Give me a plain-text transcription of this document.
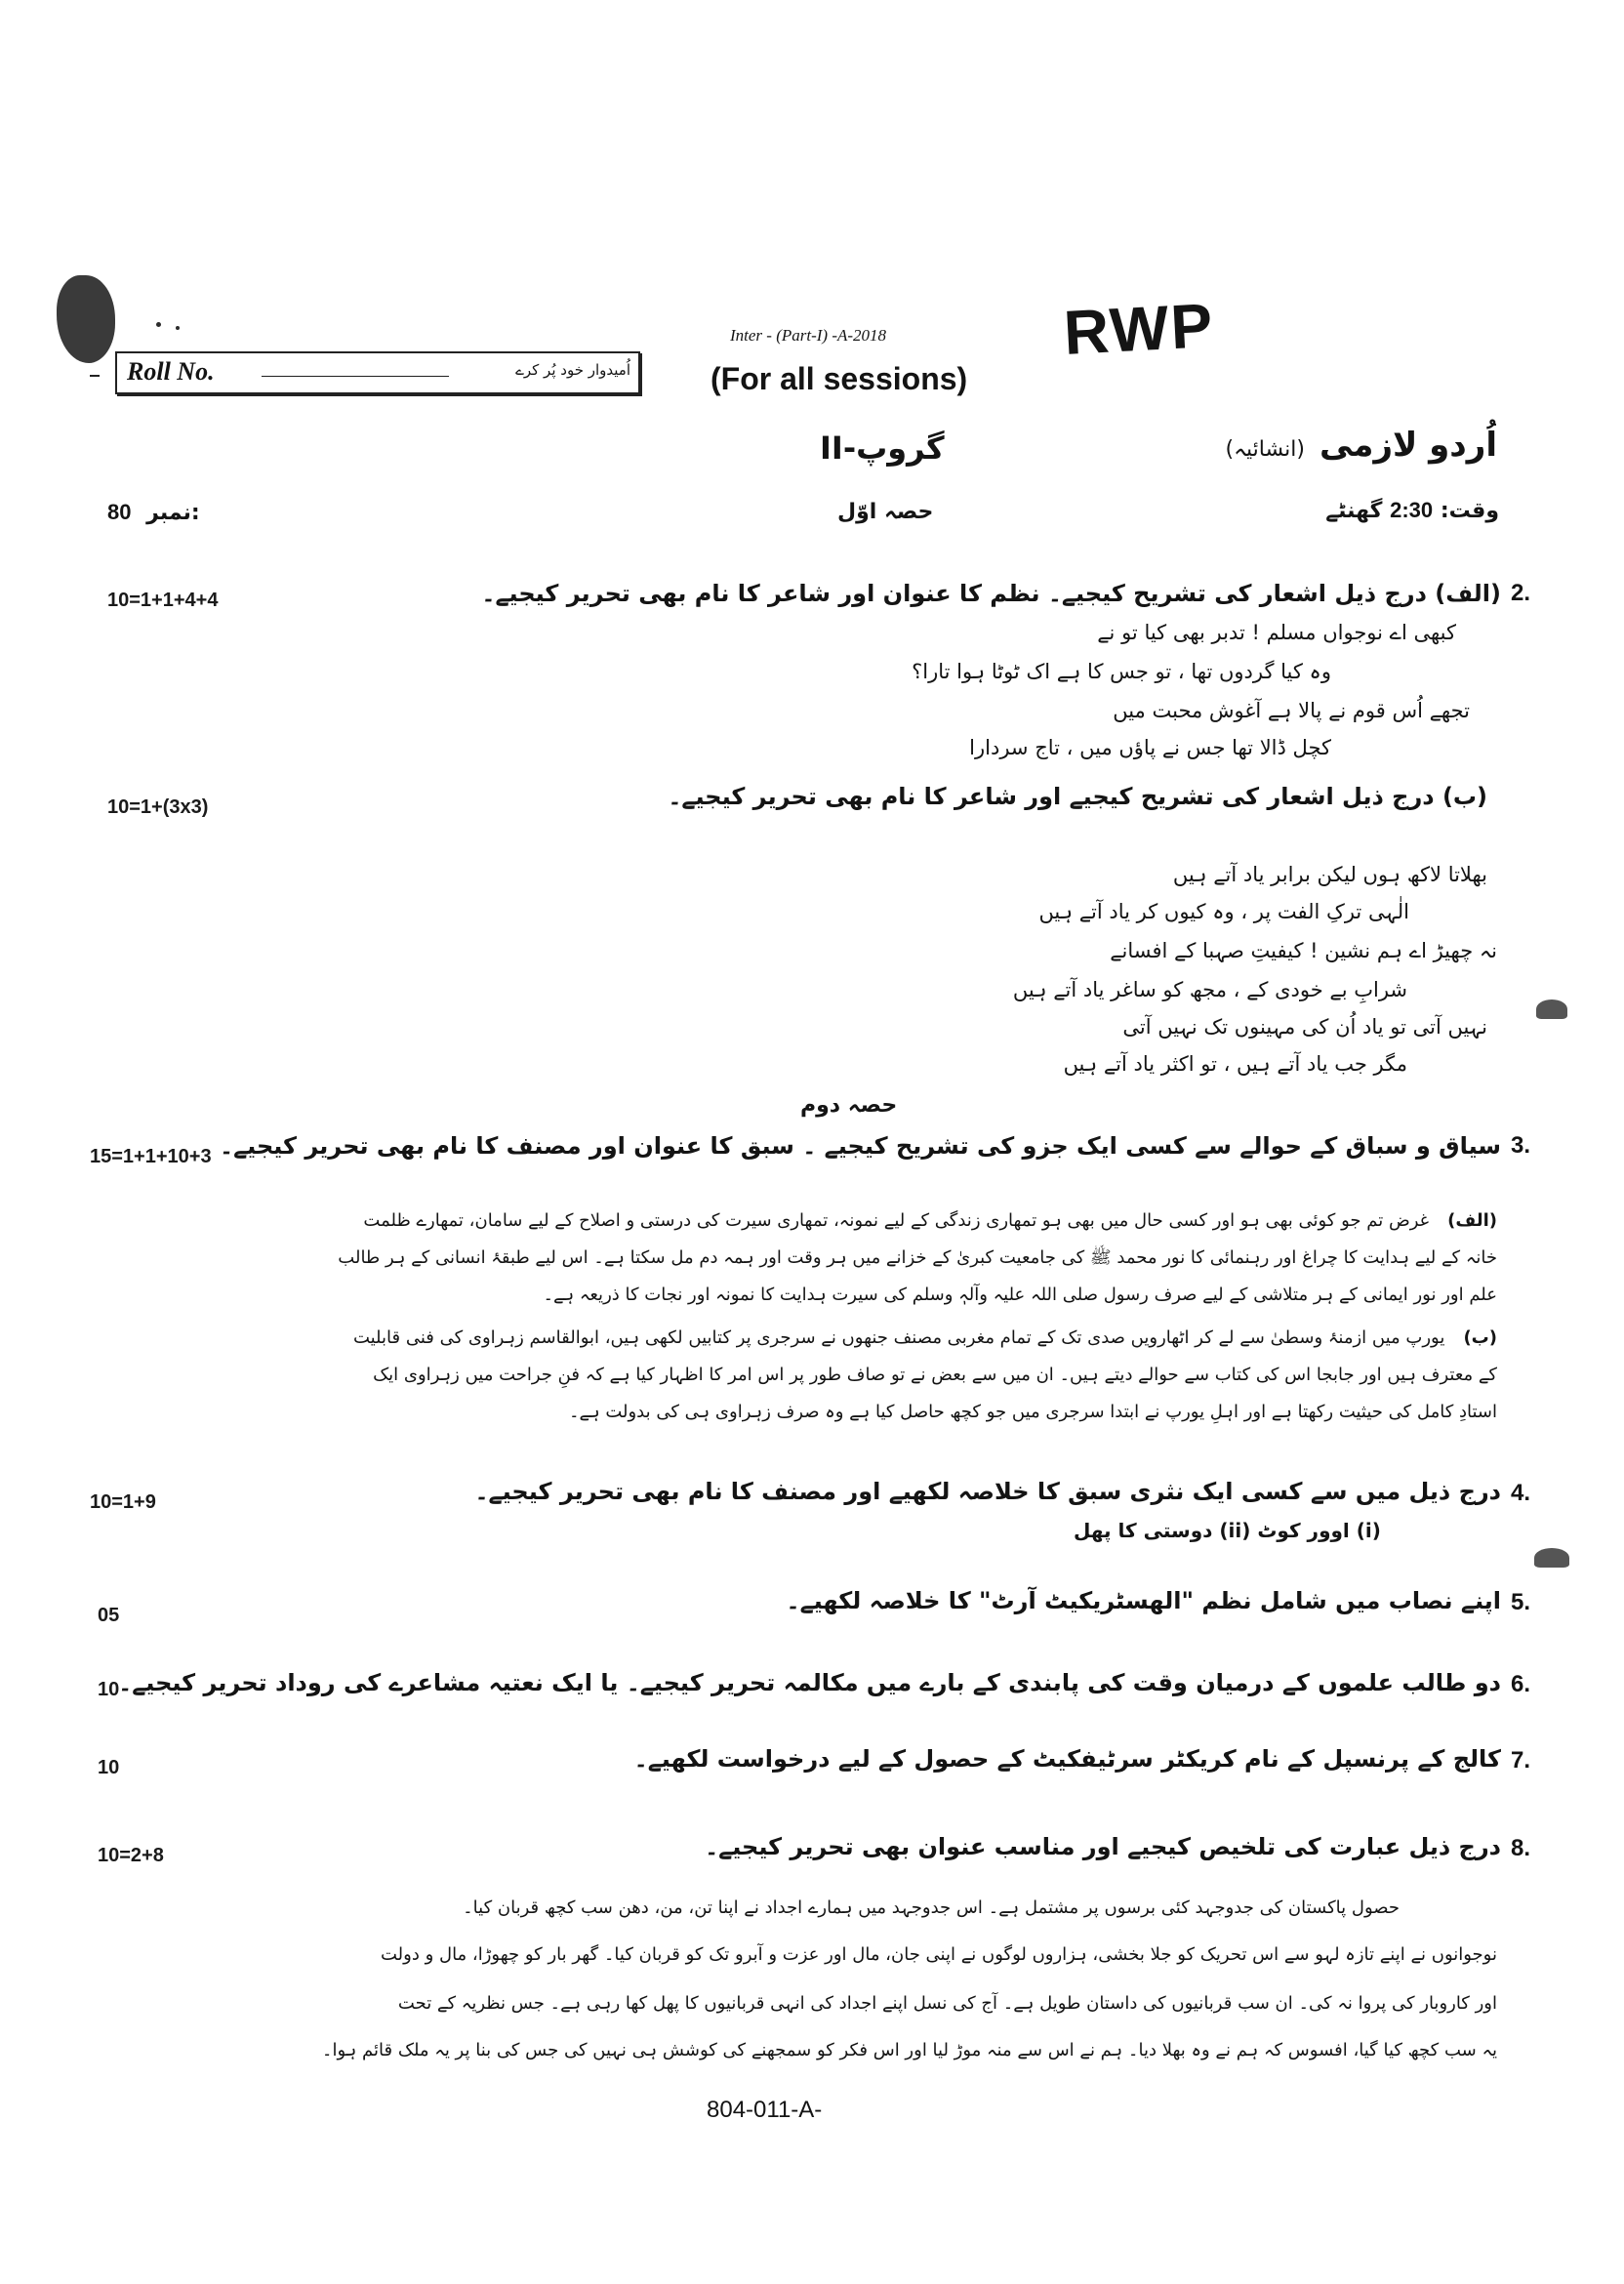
Inter - (Part-I) -A-2018	RWP
(For all sessions)
Roll No. ________________	اُمیدوار خود پُر کرے
اُردو لازمی (انشائیہ)
گروپ-II
وقت: 2:30 گھنٹے
حصہ اوّل
80 نمبر:
10=1+1+4+4	2.
(الف) درج ذیل اشعار کی تشریح کیجیے۔ نظم کا عنوان اور شاعر کا نام بھی تحریر کیجیے۔
کبھی اے نوجواں مسلم ! تدبر بھی کیا تو نے
وہ کیا گردوں تھا ، تو جس کا ہے اک ٹوٹا ہوا تارا؟
تجھے اُس قوم نے پالا ہے آغوش محبت میں
کچل ڈالا تھا جس نے پاؤں میں ، تاج سردارا
10=1+(3x3)	(ب) درج ذیل اشعار کی تشریح کیجیے اور شاعر کا نام بھی تحریر کیجیے۔
بھلاتا لاکھ ہوں لیکن برابر یاد آتے ہیں
الٰہی ترکِ الفت پر ، وہ کیوں کر یاد آتے ہیں
نہ چھیڑ اے ہم نشین ! کیفیتِ صہبا کے افسانے
شرابِ بے خودی کے ، مجھ کو ساغر یاد آتے ہیں
نہیں آتی تو یاد اُن کی مہینوں تک نہیں آتی
مگر جب یاد آتے ہیں ، تو اکثر یاد آتے ہیں
حصہ دوم
15=1+1+10+3	3.
سیاق و سباق کے حوالے سے کسی ایک جزو کی تشریح کیجیے ۔ سبق کا عنوان اور مصنف کا نام بھی تحریر کیجیے۔
(الف) غرض تم جو کوئی بھی ہو اور کسی حال میں بھی ہو تمھاری زندگی کے لیے نمونہ، تمھاری سیرت کی درستی و اصلاح کے لیے سامان، تمھارے ظلمت خانہ کے لیے ہدایت کا چراغ اور رہنمائی کا نور محمد ﷺ کی جامعیت کبریٰ کے خزانے میں ہر وقت اور ہمہ دم مل سکتا ہے۔ اس لیے طبقۂ انسانی کے ہر طالب علم اور نور ایمانی کے ہر متلاشی کے لیے صرف رسول صلی اللہ علیہ وآلہٖ وسلم کی سیرت ہدایت کا نمونہ اور نجات کا ذریعہ ہے۔
(ب) یورپ میں ازمنۂ وسطیٰ سے لے کر اٹھارویں صدی تک کے تمام مغربی مصنف جنھوں نے سرجری پر کتابیں لکھی ہیں، ابوالقاسم زہراوی کی فنی قابلیت کے معترف ہیں اور جابجا اس کی کتاب سے حوالے دیتے ہیں۔ ان میں سے بعض نے تو صاف طور پر اس امر کا اظہار کیا ہے کہ فنِ جراحت میں زہراوی ایک استادِ کامل کی حیثیت رکھتا ہے اور اہلِ یورپ نے ابتدا سرجری میں جو کچھ حاصل کیا ہے وہ صرف زہراوی ہی کی بدولت ہے۔
10=1+9	4.
درج ذیل میں سے کسی ایک نثری سبق کا خلاصہ لکھیے اور مصنف کا نام بھی تحریر کیجیے۔
(i) اوور کوٹ (ii) دوستی کا پھل
05	5.
اپنے نصاب میں شامل نظم "الھسٹریکیٹ آرٹ" کا خلاصہ لکھیے۔
10	6.
دو طالب علموں کے درمیان وقت کی پابندی کے بارے میں مکالمہ تحریر کیجیے۔ یا ایک نعتیہ مشاعرے کی روداد تحریر کیجیے۔
10	7.
کالج کے پرنسپل کے نام کریکٹر سرٹیفکیٹ کے حصول کے لیے درخواست لکھیے۔
10=2+8	8.
درج ذیل عبارت کی تلخیص کیجیے اور مناسب عنوان بھی تحریر کیجیے۔
حصول پاکستان کی جدوجہد کئی برسوں پر مشتمل ہے۔ اس جدوجہد میں ہمارے اجداد نے اپنا تن، من، دھن سب کچھ قربان کیا۔
نوجوانوں نے اپنے تازہ لہو سے اس تحریک کو جلا بخشی، ہزاروں لوگوں نے اپنی جان، مال اور عزت و آبرو تک کو قربان کیا۔ گھر بار کو چھوڑا، مال و دولت
اور کاروبار کی پروا نہ کی۔ ان سب قربانیوں کی داستان طویل ہے۔ آج کی نسل اپنے اجداد کی انہی قربانیوں کا پھل کھا رہی ہے۔ جس نظریہ کے تحت
یہ سب کچھ کیا گیا، افسوس کہ ہم نے وہ بھلا دیا۔ ہم نے اس سے منہ موڑ لیا اور اس فکر کو سمجھنے کی کوشش ہی نہیں کی جس کی بنا پر یہ ملک قائم ہوا۔
804-011-A-
